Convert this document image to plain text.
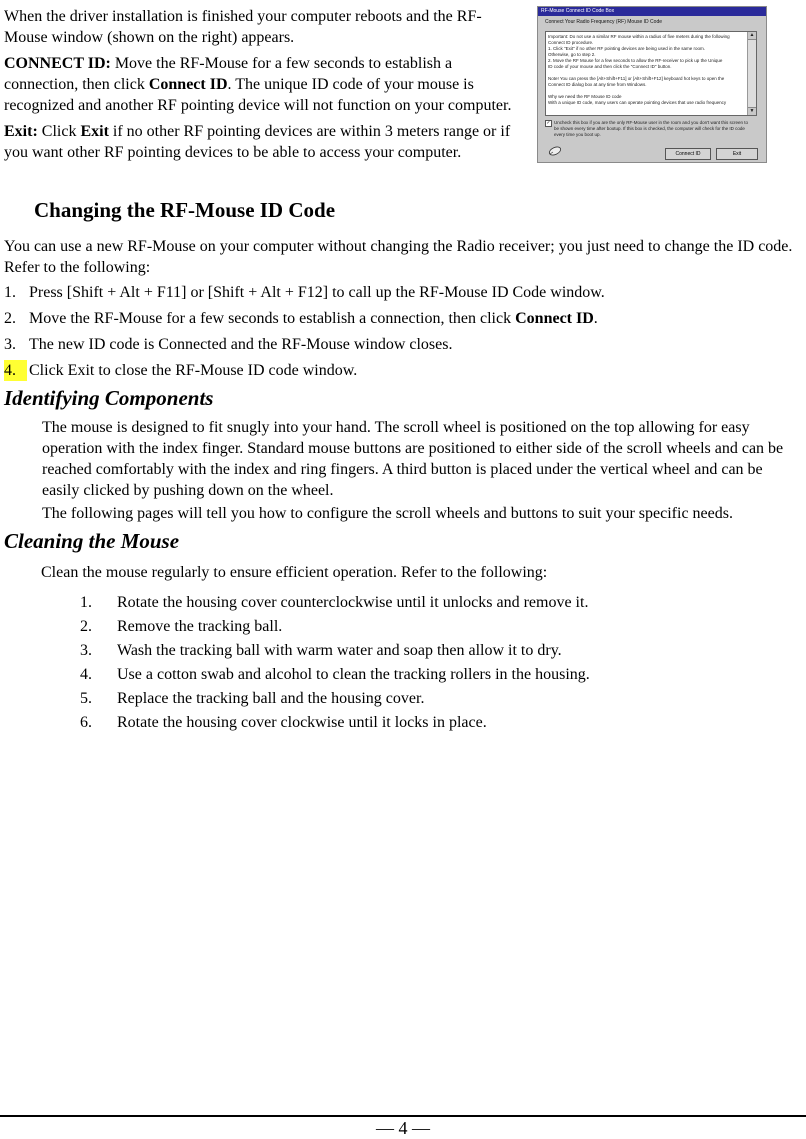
When the driver installation is finished your computer reboots and the RF-Mouse window (shown on the right) appears.

CONNECT ID: Move the RF-Mouse for a few seconds to establish a connection, then click Connect ID. The unique ID code of your mouse is recognized and another RF pointing device will not function on your computer.

Exit: Click Exit if no other RF pointing devices are within 3 meters range or if you want other RF pointing devices to be able to access your computer.

RF-Mouse Connect ID Code Box
Connect Your Radio Frequency (RF) Mouse ID Code
Important: Do not use a similar RF mouse within a radius of five meters during the following
Connect ID procedure.
1. Click "Exit" if no other RF pointing devices are being used in the same room.
Otherwise, go to step 2.
2. Move the RF Mouse for a few seconds to allow the RF-receiver to pick up the Unique
ID code of your mouse and then click the "Connect ID" button.

Note! You can press the [Alt+Shift+F11] or [Alt+Shift+F12] keyboard hot keys to open the
Connect ID dialog box at any time from Windows.

Why we need the RF Mouse ID code
With a unique ID code, many users can operate pointing devices that use radio frequency
▲
▼
✓ Uncheck this box if you are the only RF-Mouse user in the room and you don't want this screen to be shown every time after bootup. If this box is checked, the computer will check for the ID code every time you boot up.
Connect ID	Exit
Changing the RF-Mouse ID Code

You can use a new RF-Mouse on your computer without changing the Radio receiver; you just need to change the ID code. Refer to the following:

1. Press [Shift + Alt + F11] or [Shift + Alt + F12] to call up the RF-Mouse ID Code window.
2. Move the RF-Mouse for a few seconds to establish a connection, then click Connect ID.
3. The new ID code is Connected and the RF-Mouse window closes.
4. Click Exit to close the RF-Mouse ID code window.
Identifying Components

The mouse is designed to fit snugly into your hand. The scroll wheel is positioned on the top allowing for easy operation with the index finger. Standard mouse buttons are positioned to either side of the scroll wheels and can be reached comfortably with the index and ring fingers. A third button is placed under the vertical wheel and can be easily clicked by pushing down on the wheel.

The following pages will tell you how to configure the scroll wheels and buttons to suit your specific needs.

Cleaning the Mouse

Clean the mouse regularly to ensure efficient operation. Refer to the following:

1. Rotate the housing cover counterclockwise until it unlocks and remove it.
2. Remove the tracking ball.
3. Wash the tracking ball with warm water and soap then allow it to dry.
4. Use a cotton swab and alcohol to clean the tracking rollers in the housing.
5. Replace the tracking ball and the housing cover.
6. Rotate the housing cover clockwise until it locks in place.
— 4 —
